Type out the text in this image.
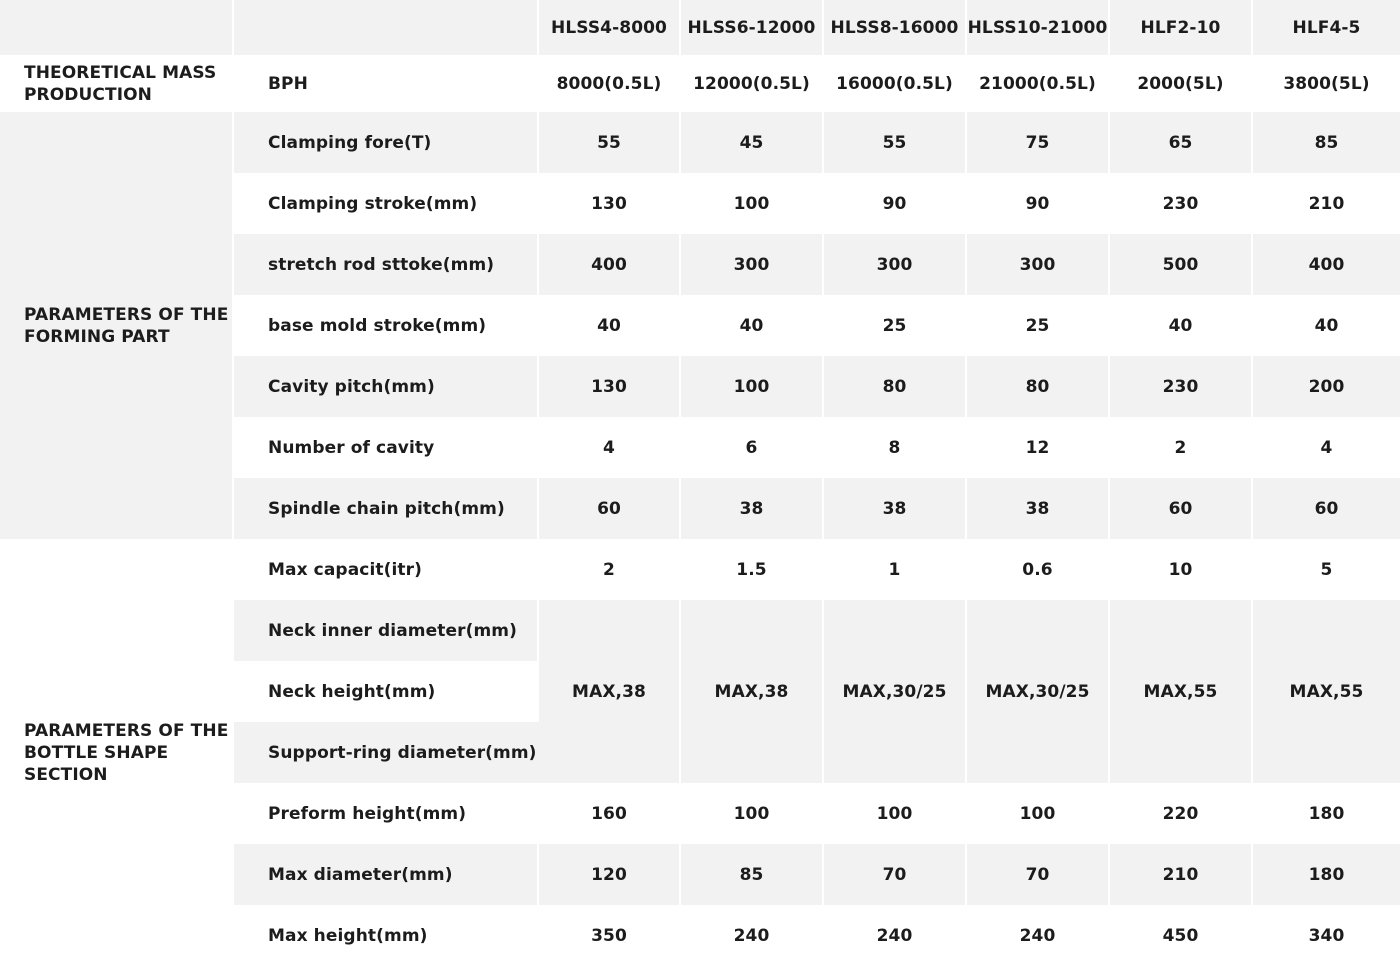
		HLSS4-8000	HLSS6-12000	HLSS8-16000	HLSS10-21000	HLF2-10	HLF4-5
THEORETICAL MASS PRODUCTION	BPH	8000(0.5L)	12000(0.5L)	16000(0.5L)	21000(0.5L)	2000(5L)	3800(5L)
PARAMETERS OF THE FORMING PART	Clamping fore(T)	55	45	55	75	65	85
	Clamping stroke(mm)	130	100	90	90	230	210
	stretch rod sttoke(mm)	400	300	300	300	500	400
	base mold stroke(mm)	40	40	25	25	40	40
	Cavity pitch(mm)	130	100	80	80	230	200
	Number of cavity	4	6	8	12	2	4
	Spindle chain pitch(mm)	60	38	38	38	60	60
PARAMETERS OF THE BOTTLE SHAPE SECTION	Max capacit(itr)	2	1.5	1	0.6	10	5
	Neck inner diameter(mm)	MAX,38	MAX,38	MAX,30/25	MAX,30/25	MAX,55	MAX,55
	Neck height(mm)						
	Support-ring diameter(mm)						
	Preform height(mm)	160	100	100	100	220	180
	Max diameter(mm)	120	85	70	70	210	180
	Max height(mm)	350	240	240	240	450	340
